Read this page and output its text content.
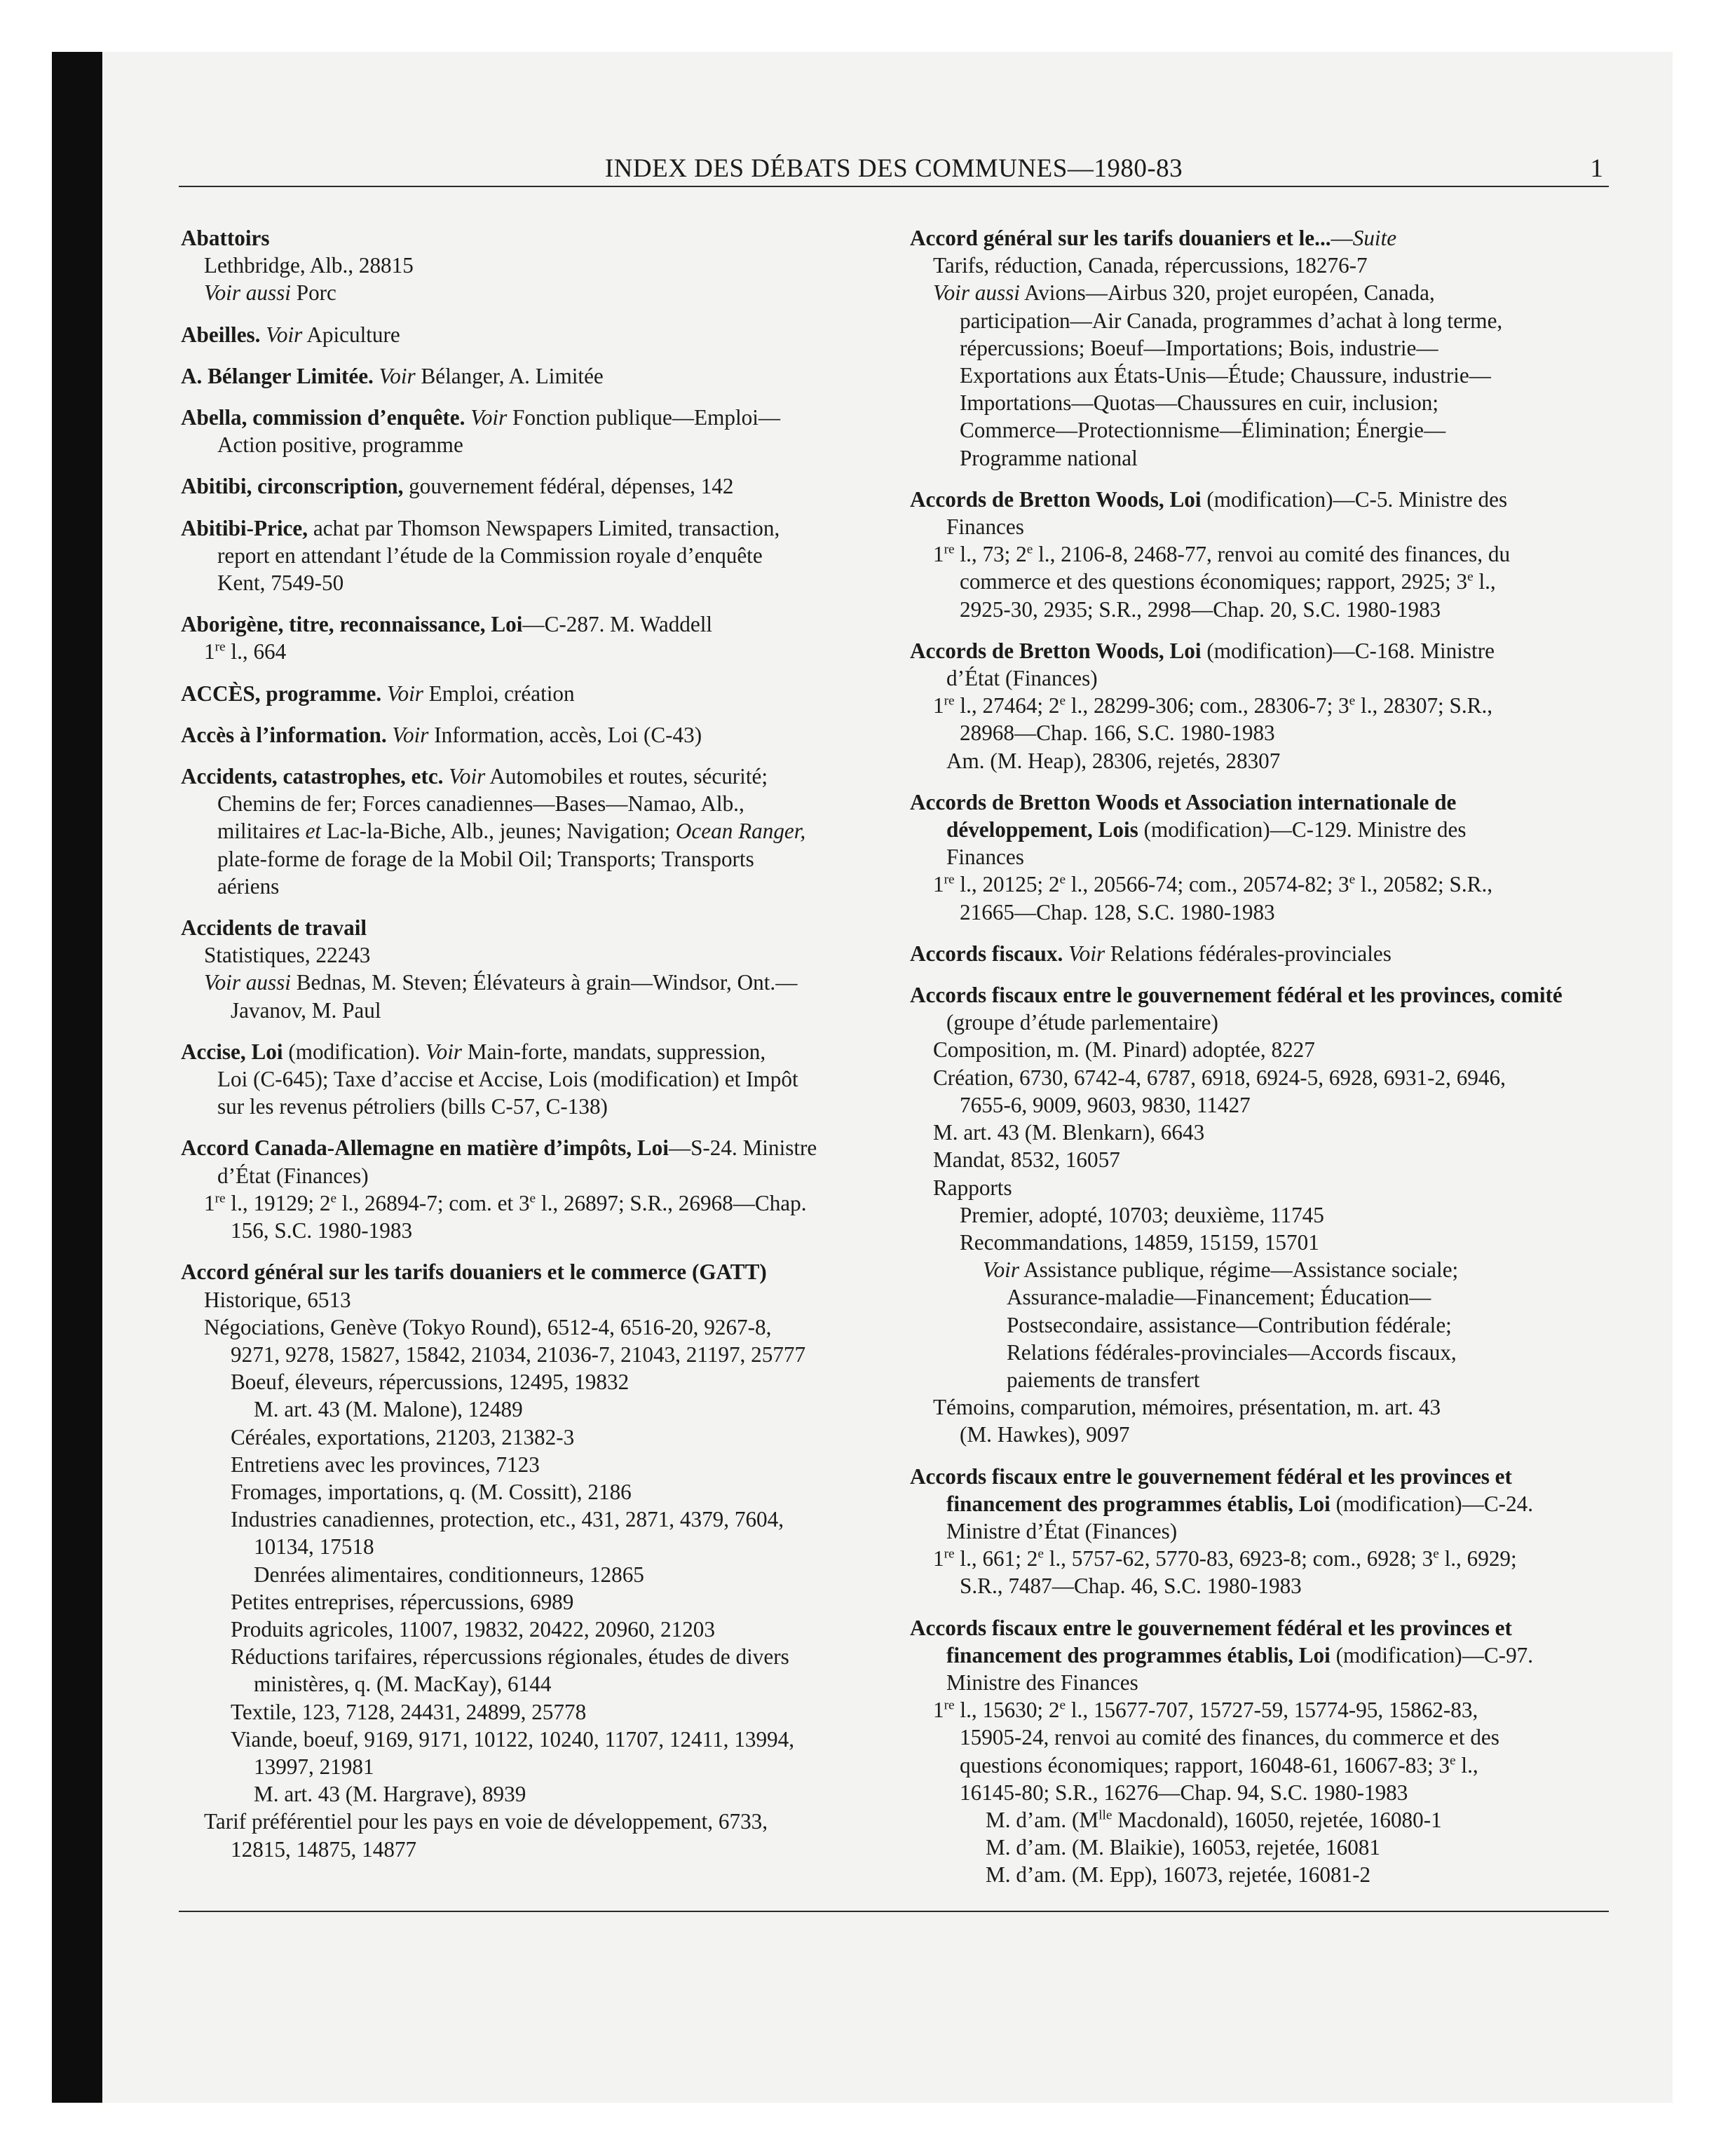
INDEX DES DÉBATS DES COMMUNES—1980-83	1
Abattoirs
Lethbridge, Alb., 28815
Voir aussi Porc
Abeilles. Voir Apiculture
A. Bélanger Limitée. Voir Bélanger, A. Limitée
Abella, commission d’enquête. Voir Fonction publique—Emploi—
Action positive, programme
Abitibi, circonscription, gouvernement fédéral, dépenses, 142
Abitibi-Price, achat par Thomson Newspapers Limited, transaction,
report en attendant l’étude de la Commission royale d’enquête
Kent, 7549-50
Aborigène, titre, reconnaissance, Loi—C-287. M. Waddell
1re l., 664
ACCÈS, programme. Voir Emploi, création
Accès à l’information. Voir Information, accès, Loi (C-43)
Accidents, catastrophes, etc. Voir Automobiles et routes, sécurité;
Chemins de fer; Forces canadiennes—Bases—Namao, Alb.,
militaires et Lac-la-Biche, Alb., jeunes; Navigation; Ocean Ranger,
plate-forme de forage de la Mobil Oil; Transports; Transports
aériens
Accidents de travail
Statistiques, 22243
Voir aussi Bednas, M. Steven; Élévateurs à grain—Windsor, Ont.—
Javanov, M. Paul
Accise, Loi (modification). Voir Main-forte, mandats, suppression,
Loi (C-645); Taxe d’accise et Accise, Lois (modification) et Impôt
sur les revenus pétroliers (bills C-57, C-138)
Accord Canada-Allemagne en matière d’impôts, Loi—S-24. Ministre
d’État (Finances)
1re l., 19129; 2e l., 26894-7; com. et 3e l., 26897; S.R., 26968—Chap.
156, S.C. 1980-1983
Accord général sur les tarifs douaniers et le commerce (GATT)
Historique, 6513
Négociations, Genève (Tokyo Round), 6512-4, 6516-20, 9267-8,
9271, 9278, 15827, 15842, 21034, 21036-7, 21043, 21197, 25777
Boeuf, éleveurs, répercussions, 12495, 19832
M. art. 43 (M. Malone), 12489
Céréales, exportations, 21203, 21382-3
Entretiens avec les provinces, 7123
Fromages, importations, q. (M. Cossitt), 2186
Industries canadiennes, protection, etc., 431, 2871, 4379, 7604,
10134, 17518
Denrées alimentaires, conditionneurs, 12865
Petites entreprises, répercussions, 6989
Produits agricoles, 11007, 19832, 20422, 20960, 21203
Réductions tarifaires, répercussions régionales, études de divers
ministères, q. (M. MacKay), 6144
Textile, 123, 7128, 24431, 24899, 25778
Viande, boeuf, 9169, 9171, 10122, 10240, 11707, 12411, 13994,
13997, 21981
M. art. 43 (M. Hargrave), 8939
Tarif préférentiel pour les pays en voie de développement, 6733,
12815, 14875, 14877
Accord général sur les tarifs douaniers et le...—Suite
Tarifs, réduction, Canada, répercussions, 18276-7
Voir aussi Avions—Airbus 320, projet européen, Canada,
participation—Air Canada, programmes d’achat à long terme,
répercussions; Boeuf—Importations; Bois, industrie—
Exportations aux États-Unis—Étude; Chaussure, industrie—
Importations—Quotas—Chaussures en cuir, inclusion;
Commerce—Protectionnisme—Élimination; Énergie—
Programme national
Accords de Bretton Woods, Loi (modification)—C-5. Ministre des
Finances
1re l., 73; 2e l., 2106-8, 2468-77, renvoi au comité des finances, du
commerce et des questions économiques; rapport, 2925; 3e l.,
2925-30, 2935; S.R., 2998—Chap. 20, S.C. 1980-1983
Accords de Bretton Woods, Loi (modification)—C-168. Ministre
d’État (Finances)
1re l., 27464; 2e l., 28299-306; com., 28306-7; 3e l., 28307; S.R.,
28968—Chap. 166, S.C. 1980-1983
Am. (M. Heap), 28306, rejetés, 28307
Accords de Bretton Woods et Association internationale de
développement, Lois (modification)—C-129. Ministre des
Finances
1re l., 20125; 2e l., 20566-74; com., 20574-82; 3e l., 20582; S.R.,
21665—Chap. 128, S.C. 1980-1983
Accords fiscaux. Voir Relations fédérales-provinciales
Accords fiscaux entre le gouvernement fédéral et les provinces, comité
(groupe d’étude parlementaire)
Composition, m. (M. Pinard) adoptée, 8227
Création, 6730, 6742-4, 6787, 6918, 6924-5, 6928, 6931-2, 6946,
7655-6, 9009, 9603, 9830, 11427
M. art. 43 (M. Blenkarn), 6643
Mandat, 8532, 16057
Rapports
Premier, adopté, 10703; deuxième, 11745
Recommandations, 14859, 15159, 15701
Voir Assistance publique, régime—Assistance sociale;
Assurance-maladie—Financement; Éducation—
Postsecondaire, assistance—Contribution fédérale;
Relations fédérales-provinciales—Accords fiscaux,
paiements de transfert
Témoins, comparution, mémoires, présentation, m. art. 43
(M. Hawkes), 9097
Accords fiscaux entre le gouvernement fédéral et les provinces et
financement des programmes établis, Loi (modification)—C-24.
Ministre d’État (Finances)
1re l., 661; 2e l., 5757-62, 5770-83, 6923-8; com., 6928; 3e l., 6929;
S.R., 7487—Chap. 46, S.C. 1980-1983
Accords fiscaux entre le gouvernement fédéral et les provinces et
financement des programmes établis, Loi (modification)—C-97.
Ministre des Finances
1re l., 15630; 2e l., 15677-707, 15727-59, 15774-95, 15862-83,
15905-24, renvoi au comité des finances, du commerce et des
questions économiques; rapport, 16048-61, 16067-83; 3e l.,
16145-80; S.R., 16276—Chap. 94, S.C. 1980-1983
M. d’am. ($M^{lle}$ Macdonald), 16050, rejetée, 16080-1
M. d’am. (M. Blaikie), 16053, rejetée, 16081
M. d’am. (M. Epp), 16073, rejetée, 16081-2
